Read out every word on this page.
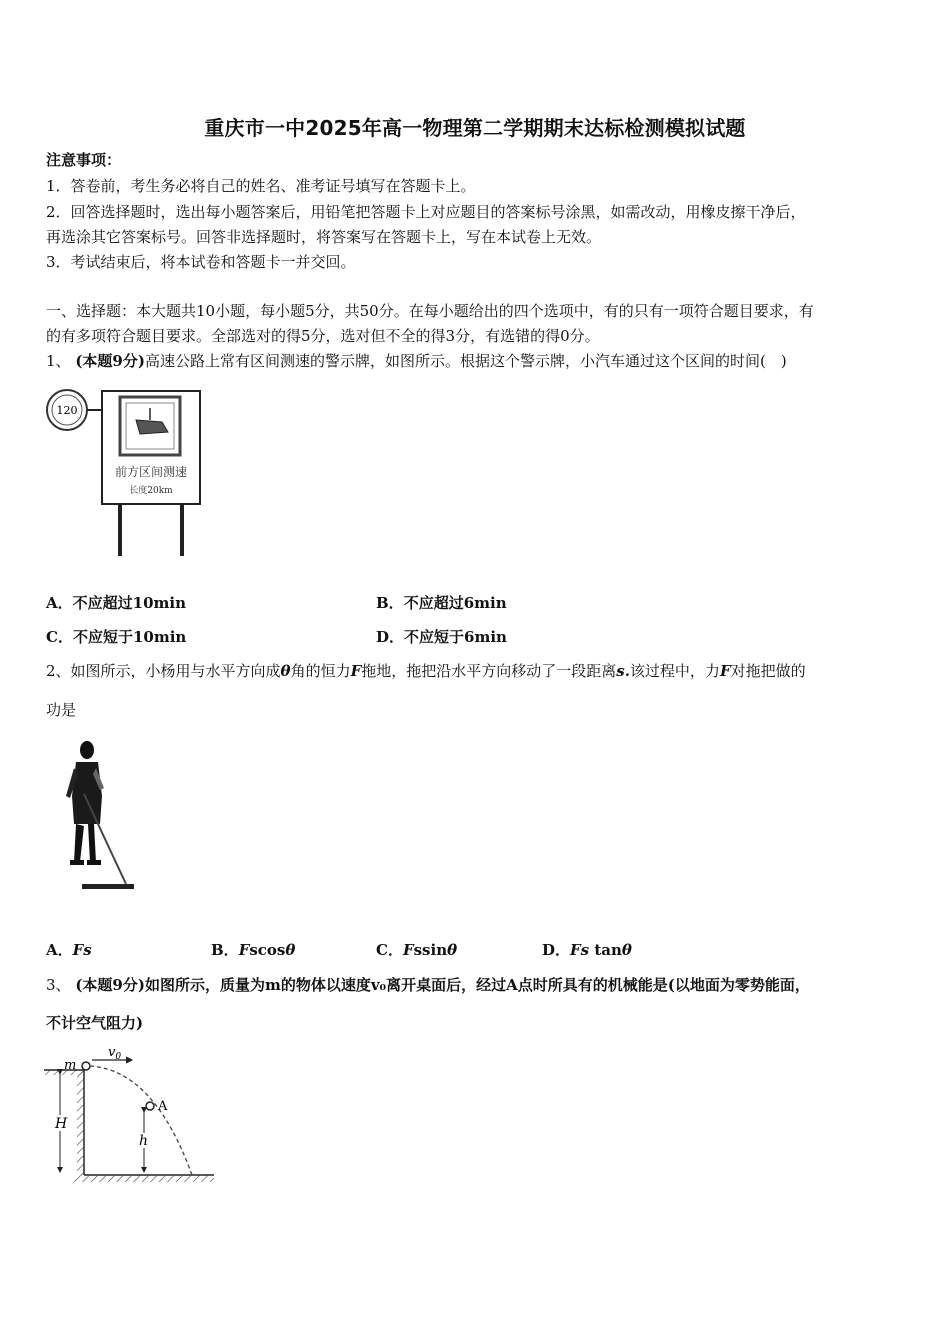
重庆市一中2025年高一物理第二学期期末达标检测模拟试题
注意事项：
1．答卷前，考生务必将自己的姓名、准考证号填写在答题卡上。
2．回答选择题时，选出每小题答案后，用铅笔把答题卡上对应题目的答案标号涂黑，如需改动，用橡皮擦干净后，
再选涂其它答案标号。回答非选择题时，将答案写在答题卡上，写在本试卷上无效。
3．考试结束后，将本试卷和答题卡一并交回。
一、选择题：本大题共10小题，每小题5分，共50分。在每小题给出的四个选项中，有的只有一项符合题目要求，有
的有多项符合题目要求。全部选对的得5分，选对但不全的得3分，有选错的得0分。
1、 (本题9分)高速公路上常有区间测速的警示牌，如图所示。根据这个警示牌，小汽车通过这个区间的时间(　)
120
前方区间测速
长度20km
A．不应超过10min	B．不应超过6min
C．不应短于10min	D．不应短于6min
2、如图所示，小杨用与水平方向成θ角的恒力F拖地，拖把沿水平方向移动了一段距离s.该过程中，力F对拖把做的
功是
A．Fs	B．Fscosθ	C．Fssinθ	D．Fs tanθ
3、 (本题9分)如图所示，质量为m的物体以速度v₀离开桌面后，经过A点时所具有的机械能是(以地面为零势能面，
不计空气阻力)
m
$v_0$
A
H
h
